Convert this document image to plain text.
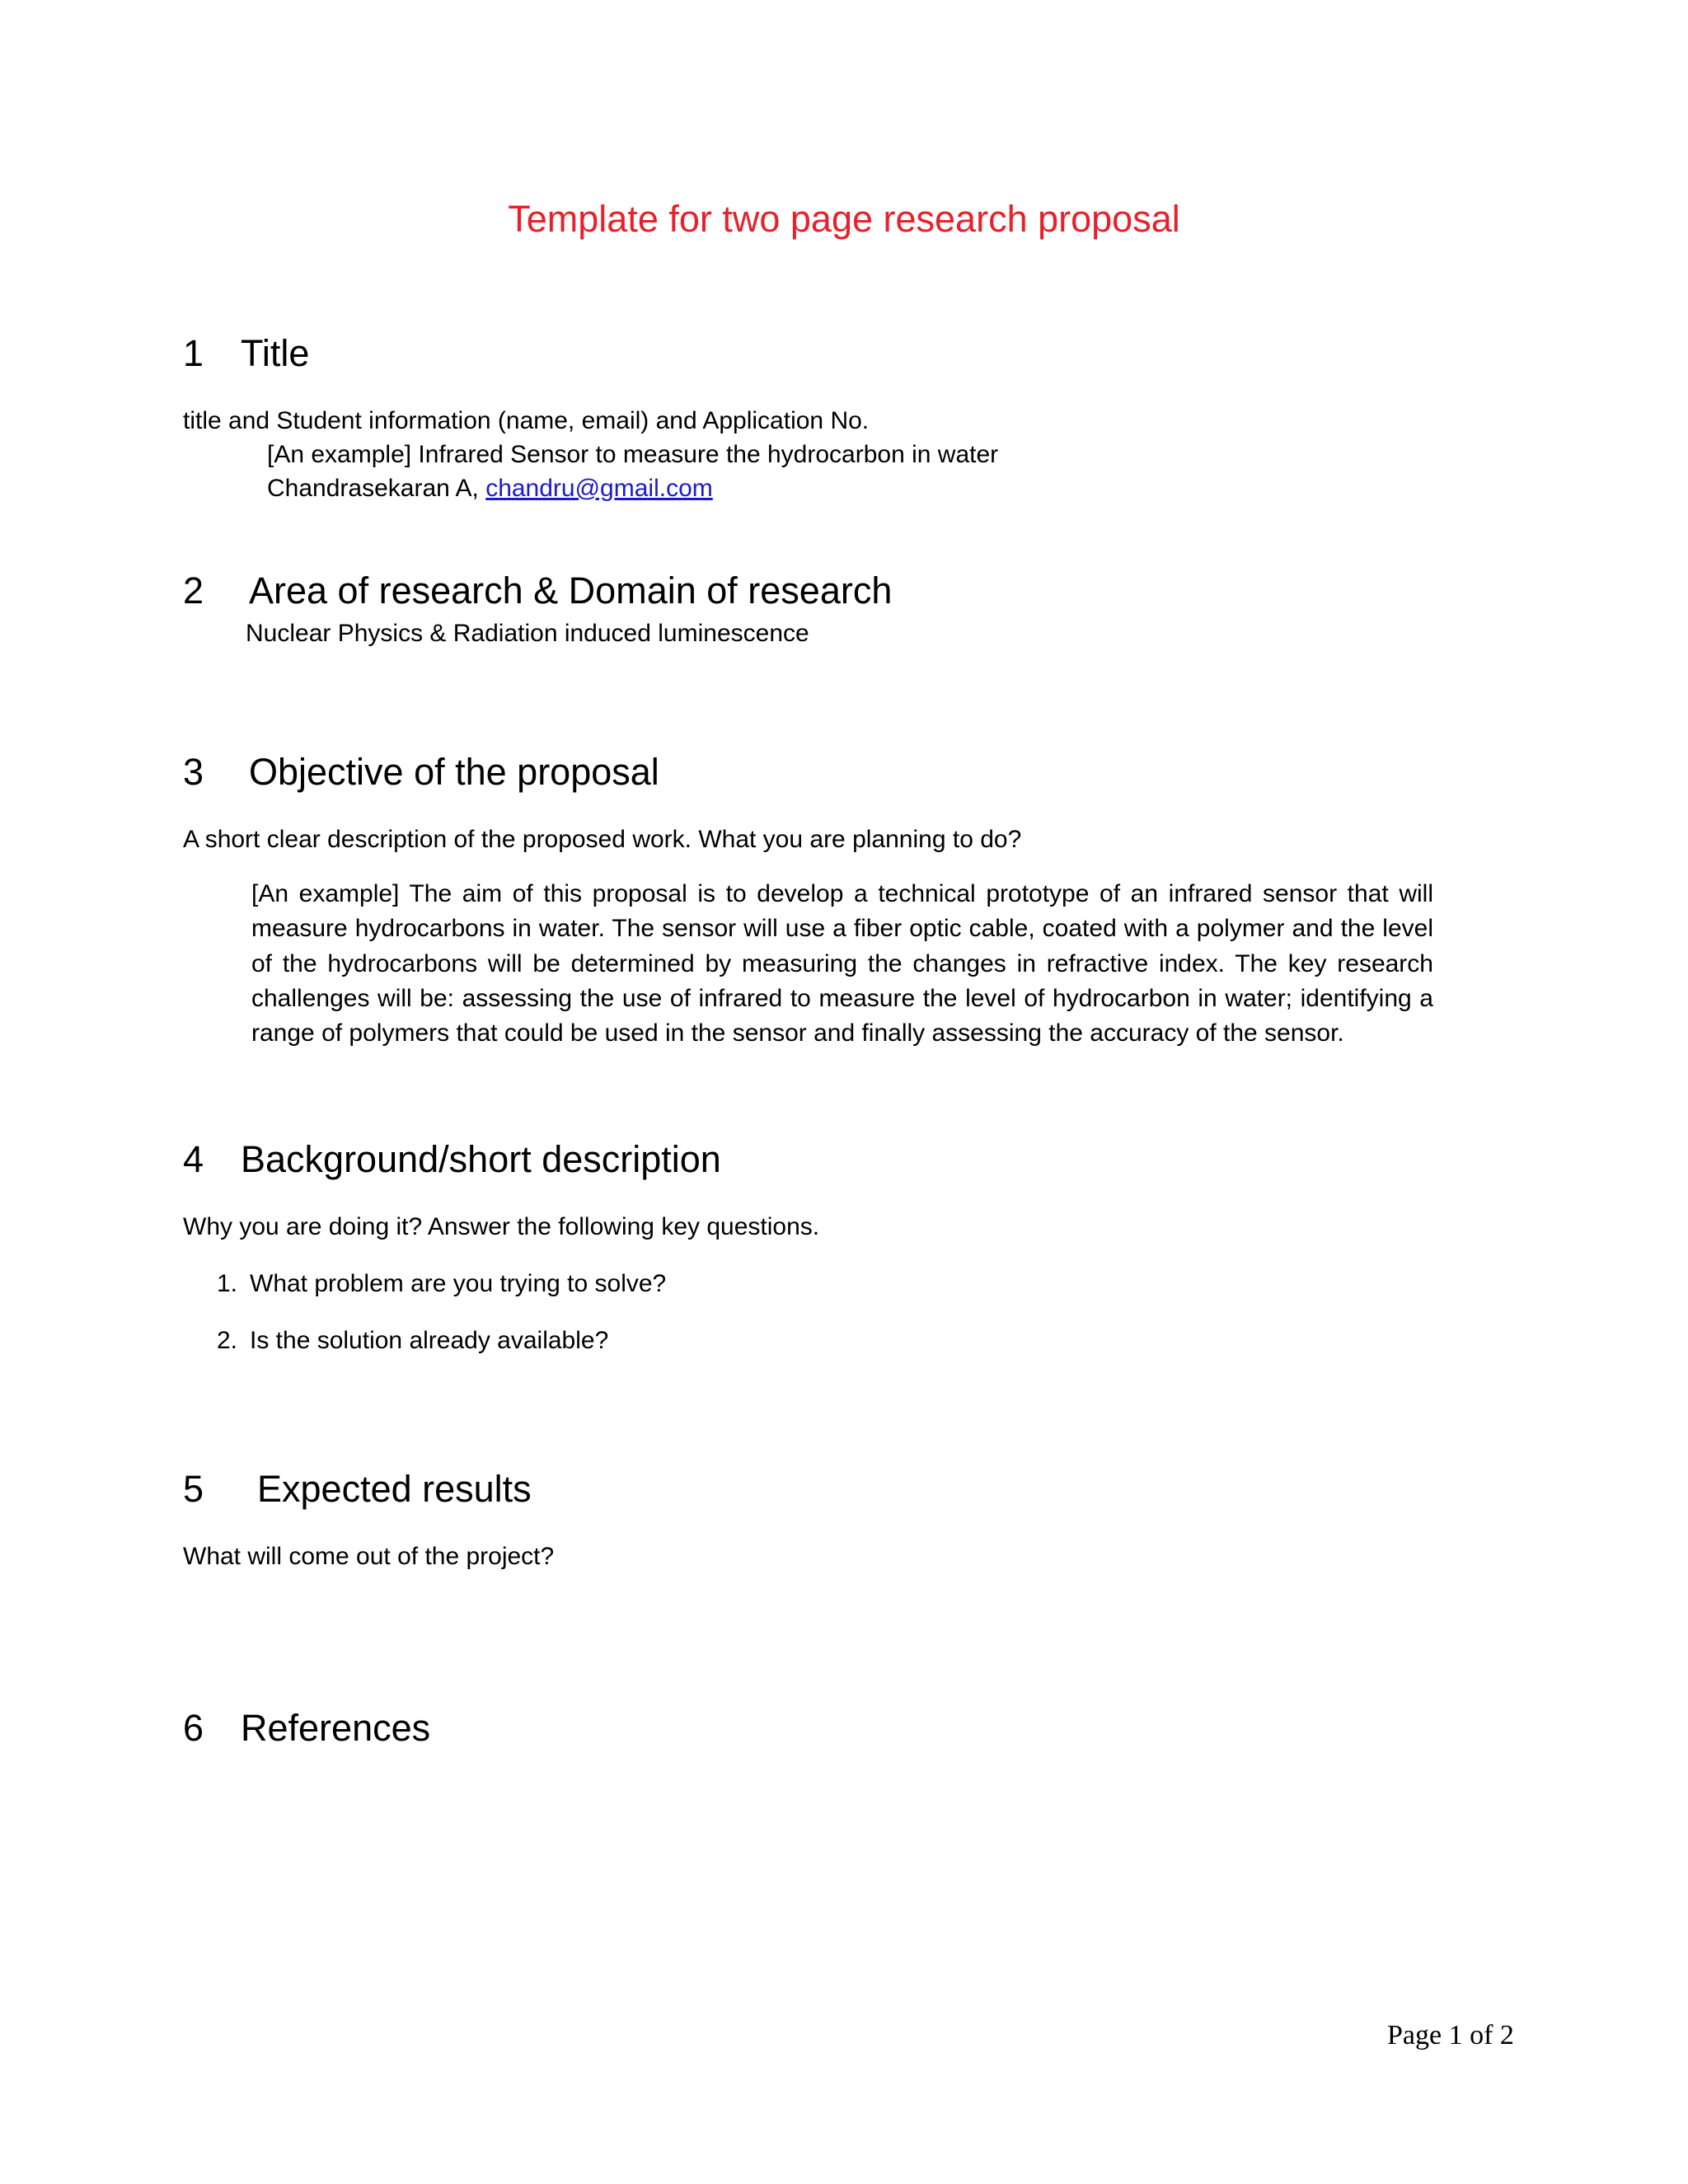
Template for two page research proposal
1 Title
title and Student information (name, email) and Application No.
[An example] Infrared Sensor to measure the hydrocarbon in water
Chandrasekaran A, chandru@gmail.com
2 Area of research & Domain of research
Nuclear Physics & Radiation induced luminescence
3 Objective of the proposal
A short clear description of the proposed work. What you are planning to do?
[An example] The aim of this proposal is to develop a technical prototype of an infrared sensor that will measure hydrocarbons in water. The sensor will use a fiber optic cable, coated with a polymer and the level of the hydrocarbons will be determined by measuring the changes in refractive index. The key research challenges will be: assessing the use of infrared to measure the level of hydrocarbon in water; identifying a range of polymers that could be used in the sensor and finally assessing the accuracy of the sensor.
4 Background/short description
Why you are doing it? Answer the following key questions.
1. What problem are you trying to solve?
2. Is the solution already available?
5 Expected results
What will come out of the project?
6 References
Page 1 of 2
